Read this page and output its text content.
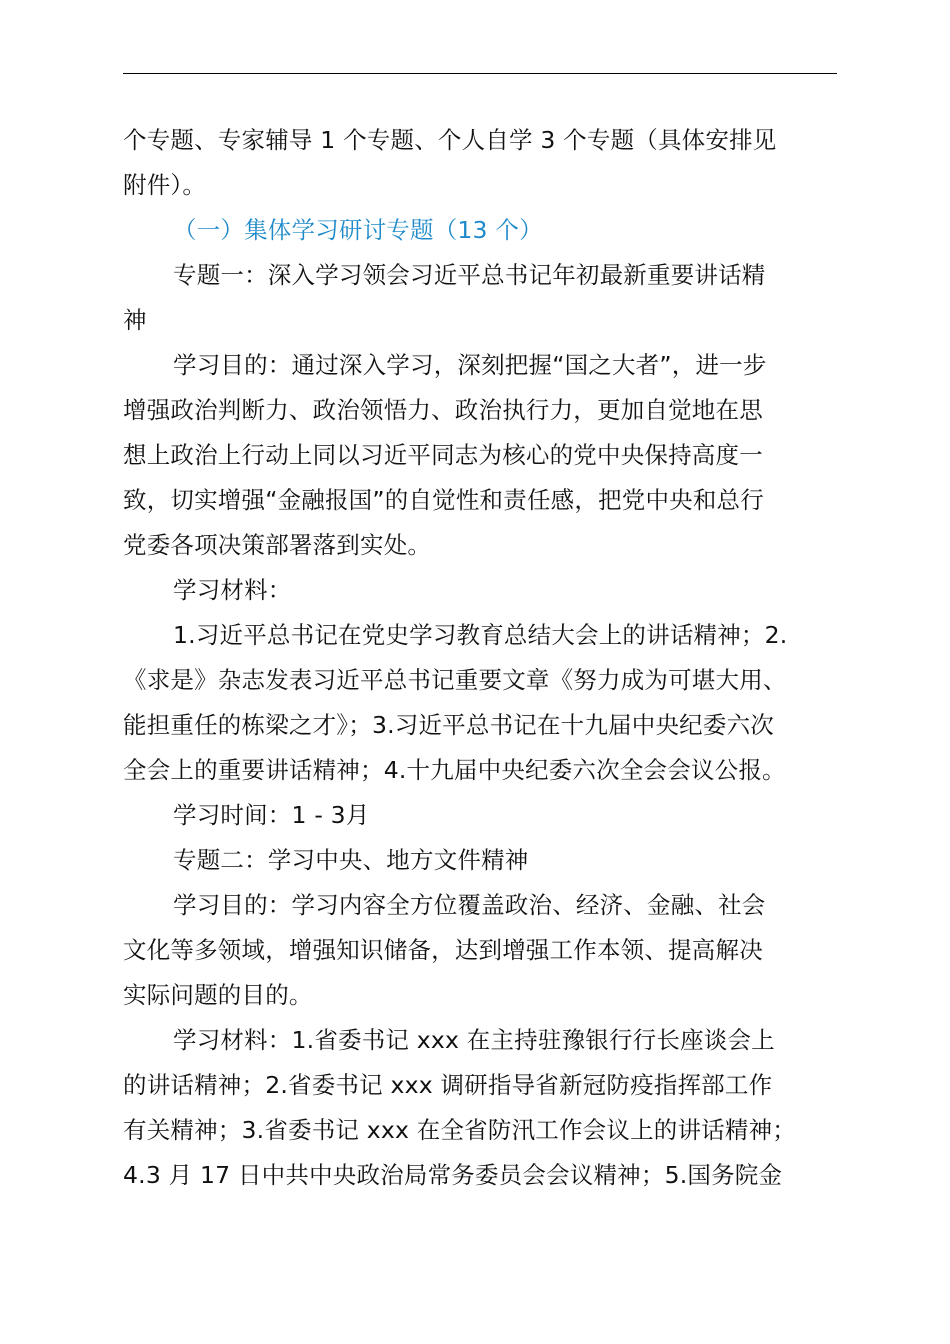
个专题、专家辅导 1 个专题、个人自学 3 个专题（具体安排见
附件）。
（一）集体学习研讨专题（13 个）
专题一：深入学习领会习近平总书记年初最新重要讲话精
神
学习目的：通过深入学习，深刻把握“国之大者”，进一步
增强政治判断力、政治领悟力、政治执行力，更加自觉地在思
想上政治上行动上同以习近平同志为核心的党中央保持高度一
致，切实增强“金融报国”的自觉性和责任感，把党中央和总行
党委各项决策部署落到实处。
学习材料：
1.习近平总书记在党史学习教育总结大会上的讲话精神；2.
《求是》杂志发表习近平总书记重要文章《努力成为可堪大用、
能担重任的栋梁之才》；3.习近平总书记在十九届中央纪委六次
全会上的重要讲话精神；4.十九届中央纪委六次全会会议公报。
学习时间：1 - 3月
专题二：学习中央、地方文件精神
学习目的：学习内容全方位覆盖政治、经济、金融、社会
文化等多领域，增强知识储备，达到增强工作本领、提高解决
实际问题的目的。
学习材料：1.省委书记 xxx 在主持驻豫银行行长座谈会上
的讲话精神；2.省委书记 xxx 调研指导省新冠防疫指挥部工作
有关精神；3.省委书记 xxx 在全省防汛工作会议上的讲话精神；
4.3 月 17 日中共中央政治局常务委员会会议精神；5.国务院金
